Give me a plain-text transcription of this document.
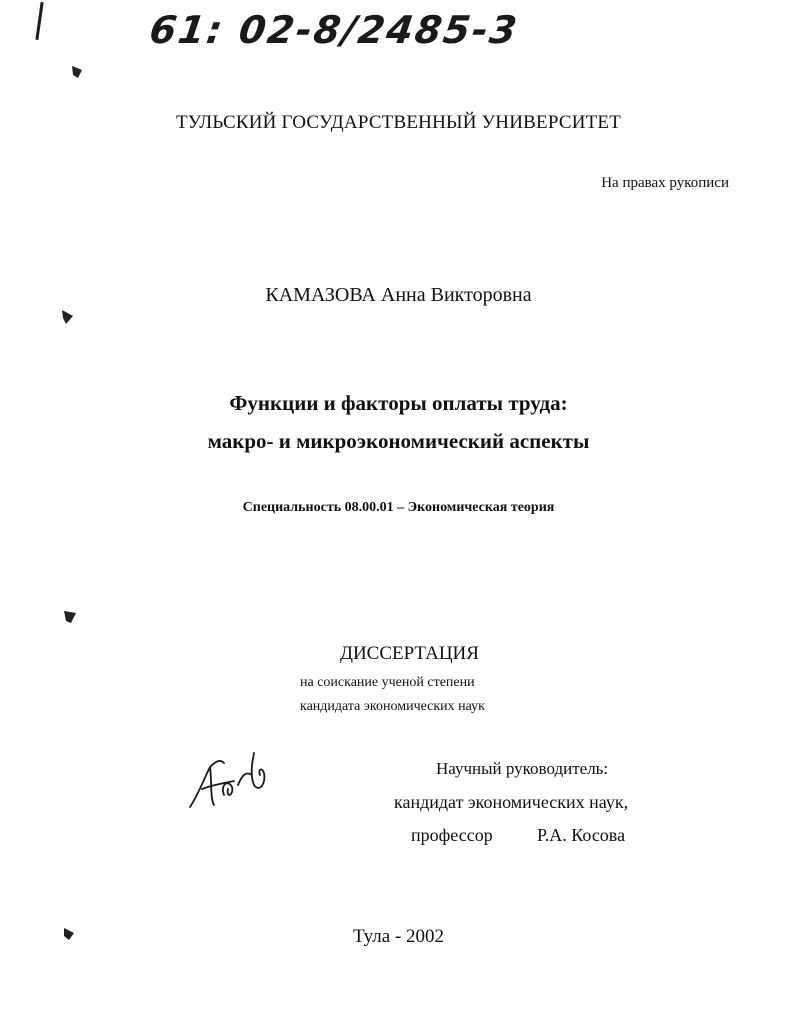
61: 02-8/2485-3
ТУЛЬСКИЙ ГОСУДАРСТВЕННЫЙ УНИВЕРСИТЕТ
На правах рукописи
КАМАЗОВА Анна Викторовна
Функции и факторы оплаты труда:
макро- и микроэкономический аспекты
Специальность 08.00.01 – Экономическая теория
ДИССЕРТАЦИЯ
на соискание ученой степени
кандидата экономических наук
Научный руководитель:
кандидат экономических наук,
профессор Р.А. Косова
Тула - 2002
